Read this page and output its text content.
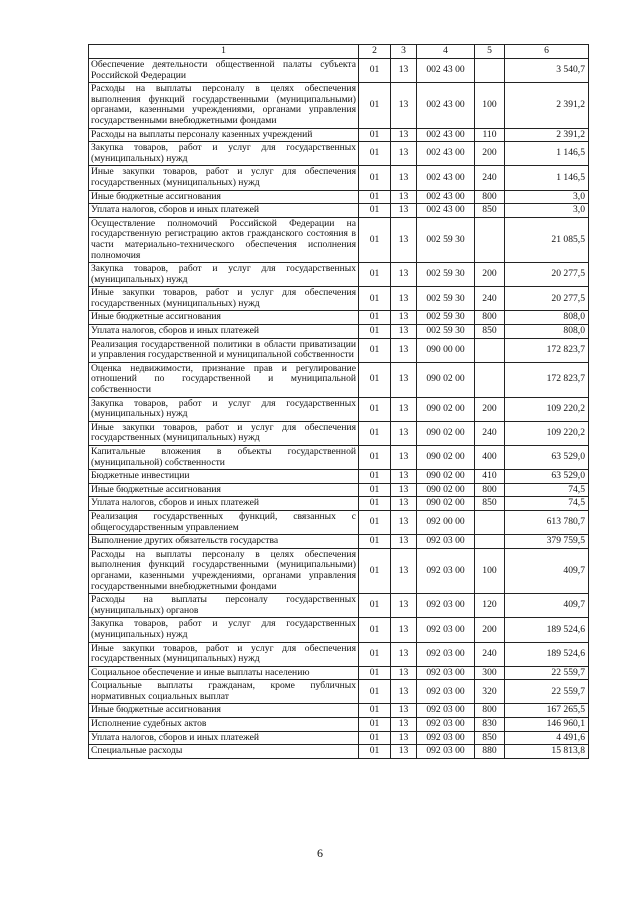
1	2	3	4	5	6
Обеспечение деятельности общественной палаты субъекта Российской Федерации	01	13	002 43 00		3 540,7
Расходы на выплаты персоналу в целях обеспечения выполнения функций государственными (муниципальными) органами, казенными учреждениями, органами управления государственными внебюджетными фондами	01	13	002 43 00	100	2 391,2
Расходы на выплаты персоналу казенных учреждений	01	13	002 43 00	110	2 391,2
Закупка товаров, работ и услуг для государственных (муниципальных) нужд	01	13	002 43 00	200	1 146,5
Иные закупки товаров, работ и услуг для обеспечения государственных (муниципальных) нужд	01	13	002 43 00	240	1 146,5
Иные бюджетные ассигнования	01	13	002 43 00	800	3,0
Уплата налогов, сборов и иных платежей	01	13	002 43 00	850	3,0
Осуществление полномочий Российской Федерации на государственную регистрацию актов гражданского состояния в части материально-технического обеспечения исполнения полномочия	01	13	002 59 30		21 085,5
Закупка товаров, работ и услуг для государственных (муниципальных) нужд	01	13	002 59 30	200	20 277,5
Иные закупки товаров, работ и услуг для обеспечения государственных (муниципальных) нужд	01	13	002 59 30	240	20 277,5
Иные бюджетные ассигнования	01	13	002 59 30	800	808,0
Уплата налогов, сборов и иных платежей	01	13	002 59 30	850	808,0
Реализация государственной политики в области приватизации и управления государственной и муниципальной собственности	01	13	090 00 00		172 823,7
Оценка недвижимости, признание прав и регулирование отношений по государственной и муниципальной собственности	01	13	090 02 00		172 823,7
Закупка товаров, работ и услуг для государственных (муниципальных) нужд	01	13	090 02 00	200	109 220,2
Иные закупки товаров, работ и услуг для обеспечения государственных (муниципальных) нужд	01	13	090 02 00	240	109 220,2
Капитальные вложения в объекты государственной (муниципальной) собственности	01	13	090 02 00	400	63 529,0
Бюджетные инвестиции	01	13	090 02 00	410	63 529,0
Иные бюджетные ассигнования	01	13	090 02 00	800	74,5
Уплата налогов, сборов и иных платежей	01	13	090 02 00	850	74,5
Реализация государственных функций, связанных с общегосударственным управлением	01	13	092 00 00		613 780,7
Выполнение других обязательств государства	01	13	092 03 00		379 759,5
Расходы на выплаты персоналу в целях обеспечения выполнения функций государственными (муниципальными) органами, казенными учреждениями, органами управления государственными внебюджетными фондами	01	13	092 03 00	100	409,7
Расходы на выплаты персоналу государственных (муниципальных) органов	01	13	092 03 00	120	409,7
Закупка товаров, работ и услуг для государственных (муниципальных) нужд	01	13	092 03 00	200	189 524,6
Иные закупки товаров, работ и услуг для обеспечения государственных (муниципальных) нужд	01	13	092 03 00	240	189 524,6
Социальное обеспечение и иные выплаты населению	01	13	092 03 00	300	22 559,7
Социальные выплаты гражданам, кроме публичных нормативных социальных выплат	01	13	092 03 00	320	22 559,7
Иные бюджетные ассигнования	01	13	092 03 00	800	167 265,5
Исполнение судебных актов	01	13	092 03 00	830	146 960,1
Уплата налогов, сборов и иных платежей	01	13	092 03 00	850	4 491,6
Специальные расходы	01	13	092 03 00	880	15 813,8
6
